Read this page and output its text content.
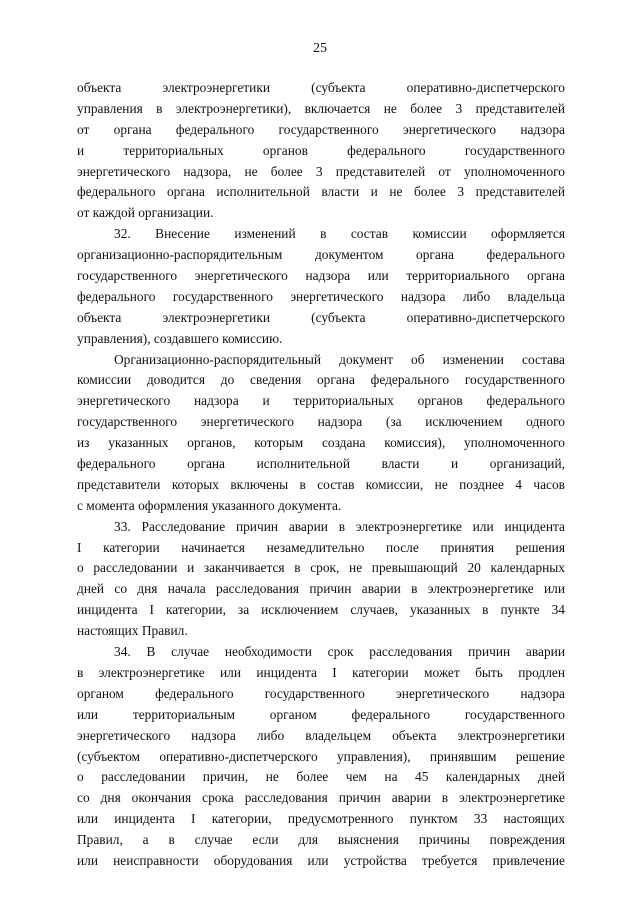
25
объекта электроэнергетики (субъекта оперативно-диспетчерского
управления в электроэнергетики), включается не более 3 представителей
от органа федерального государственного энергетического надзора
и территориальных органов федерального государственного
энергетического надзора, не более 3 представителей от уполномоченного
федерального органа исполнительной власти и не более 3 представителей
от каждой организации.
32. Внесение изменений в состав комиссии оформляется
организационно-распорядительным документом органа федерального
государственного энергетического надзора или территориального органа
федерального государственного энергетического надзора либо владельца
объекта электроэнергетики (субъекта оперативно-диспетчерского
управления), создавшего комиссию.
Организационно-распорядительный документ об изменении состава
комиссии доводится до сведения органа федерального государственного
энергетического надзора и территориальных органов федерального
государственного энергетического надзора (за исключением одного
из указанных органов, которым создана комиссия), уполномоченного
федерального органа исполнительной власти и организаций,
представители которых включены в состав комиссии, не позднее 4 часов
с момента оформления указанного документа.
33. Расследование причин аварии в электроэнергетике или инцидента
I категории начинается незамедлительно после принятия решения
о расследовании и заканчивается в срок, не превышающий 20 календарных
дней со дня начала расследования причин аварии в электроэнергетике или
инцидента I категории, за исключением случаев, указанных в пункте 34
настоящих Правил.
34. В случае необходимости срок расследования причин аварии
в электроэнергетике или инцидента I категории может быть продлен
органом федерального государственного энергетического надзора
или территориальным органом федерального государственного
энергетического надзора либо владельцем объекта электроэнергетики
(субъектом оперативно-диспетчерского управления), принявшим решение
о расследовании причин, не более чем на 45 календарных дней
со дня окончания срока расследования причин аварии в электроэнергетике
или инцидента I категории, предусмотренного пунктом 33 настоящих
Правил, а в случае если для выяснения причины повреждения
или неисправности оборудования или устройства требуется привлечение
